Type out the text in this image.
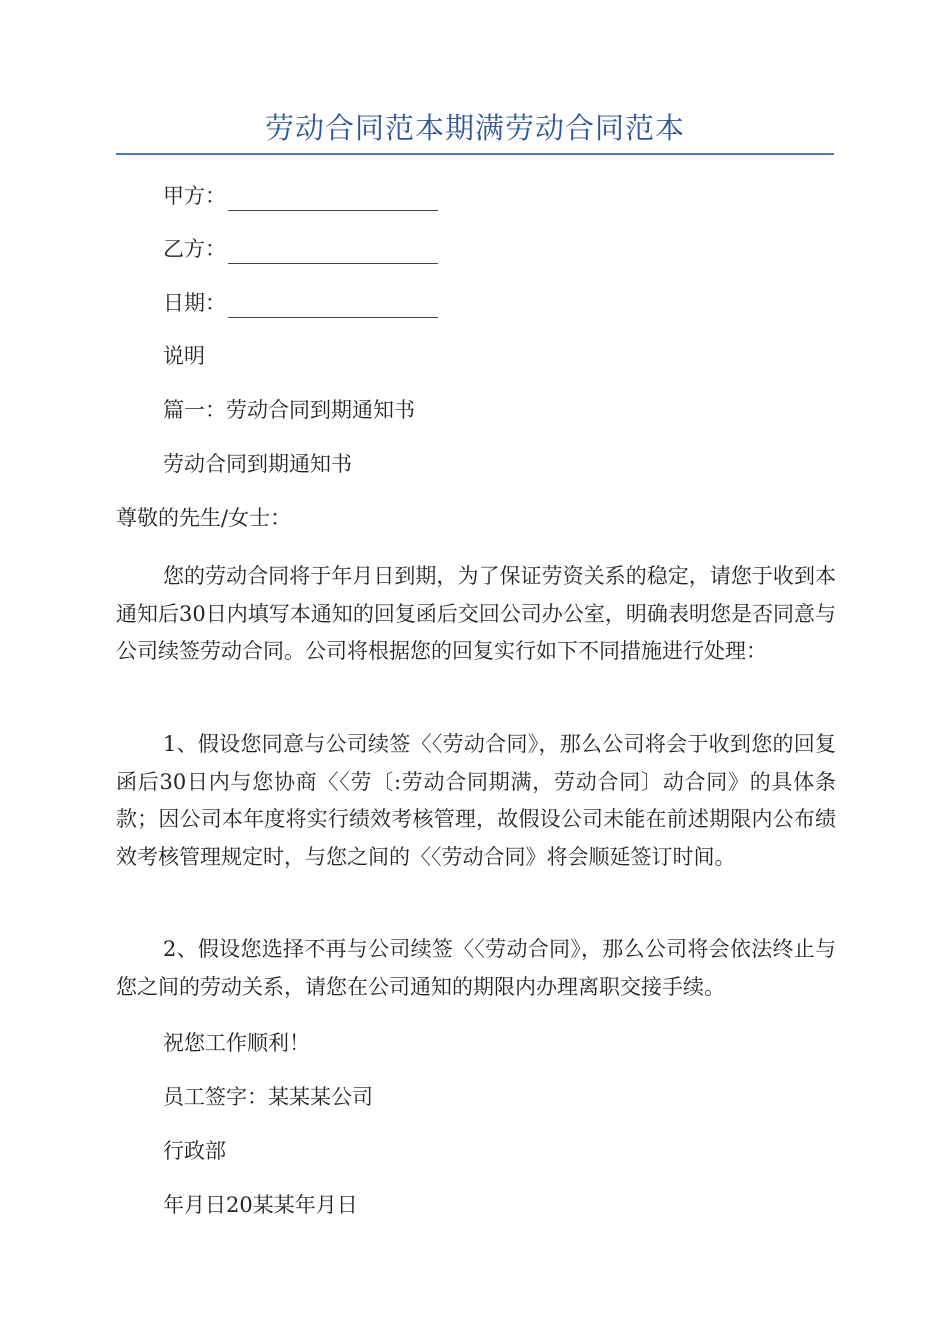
劳动合同范本期满劳动合同范本
甲方：
乙方：
日期：
说明
篇一：劳动合同到期通知书
劳动合同到期通知书
尊敬的先生/女士：
您的劳动合同将于年月日到期，为了保证劳资关系的稳定，请您于收到本通知后30日内填写本通知的回复函后交回公司办公室，明确表明您是否同意与公司续签劳动合同。公司将根据您的回复实行如下不同措施进行处理：
1、假设您同意与公司续签〈〈劳动合同》，那么公司将会于收到您的回复函后30日内与您协商〈〈劳〔:劳动合同期满，劳动合同〕动合同》的具体条款；因公司本年度将实行绩效考核管理，故假设公司未能在前述期限内公布绩效考核管理规定时，与您之间的〈〈劳动合同》将会顺延签订时间。
2、假设您选择不再与公司续签〈〈劳动合同》，那么公司将会依法终止与您之间的劳动关系，请您在公司通知的期限内办理离职交接手续。
祝您工作顺利！
员工签字：某某某公司
行政部
年月日20某某年月日
